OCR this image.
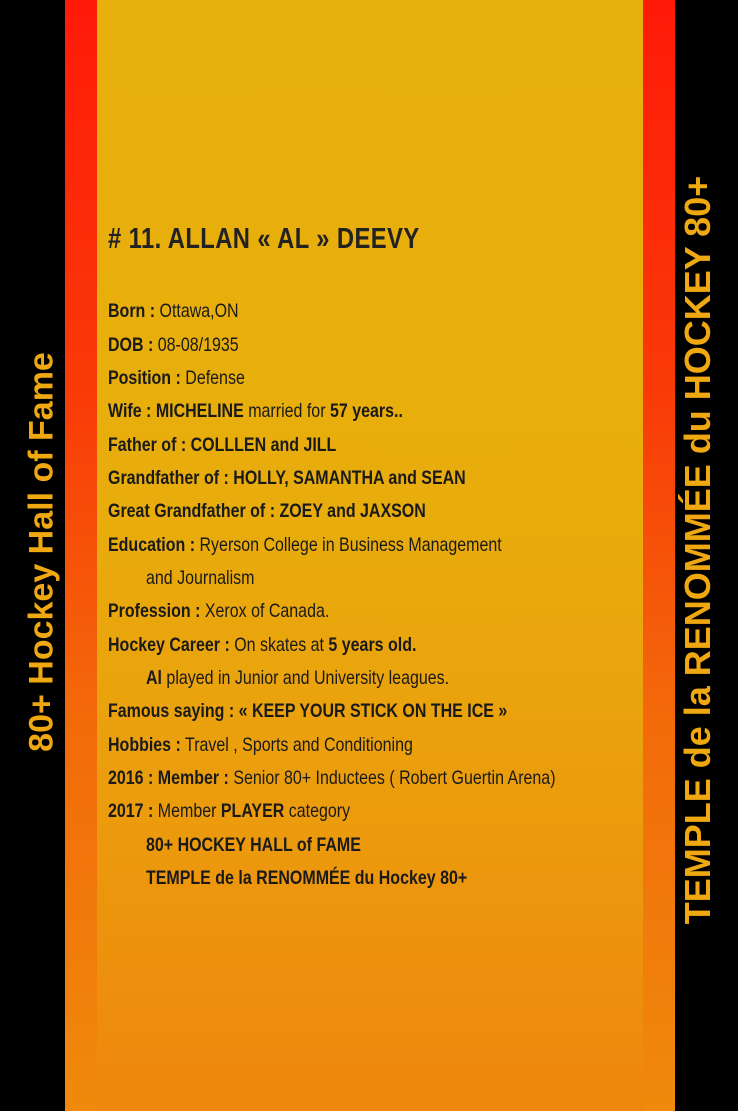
80+ Hockey Hall of Fame	TEMPLE de la RENOMMÉE du HOCKEY 80+
# 11. ALLAN « AL » DEEVY
Born : Ottawa,ON
DOB : 08-08/1935
Position : Defense
Wife : MICHELINE married for 57 years..
Father of : COLLLEN and JILL
Grandfather of : HOLLY, SAMANTHA and SEAN
Great Grandfather of : ZOEY and JAXSON
Education : Ryerson College in Business Management
and Journalism
Profession : Xerox of Canada.
Hockey Career : On skates at 5 years old.
Al played in Junior and University leagues.
Famous saying : « KEEP YOUR STICK ON THE ICE »
Hobbies : Travel , Sports and Conditioning
2016 : Member : Senior 80+ Inductees ( Robert Guertin Arena)
2017 : Member PLAYER category
80+ HOCKEY HALL of FAME
TEMPLE de la RENOMMÉE du Hockey 80+
